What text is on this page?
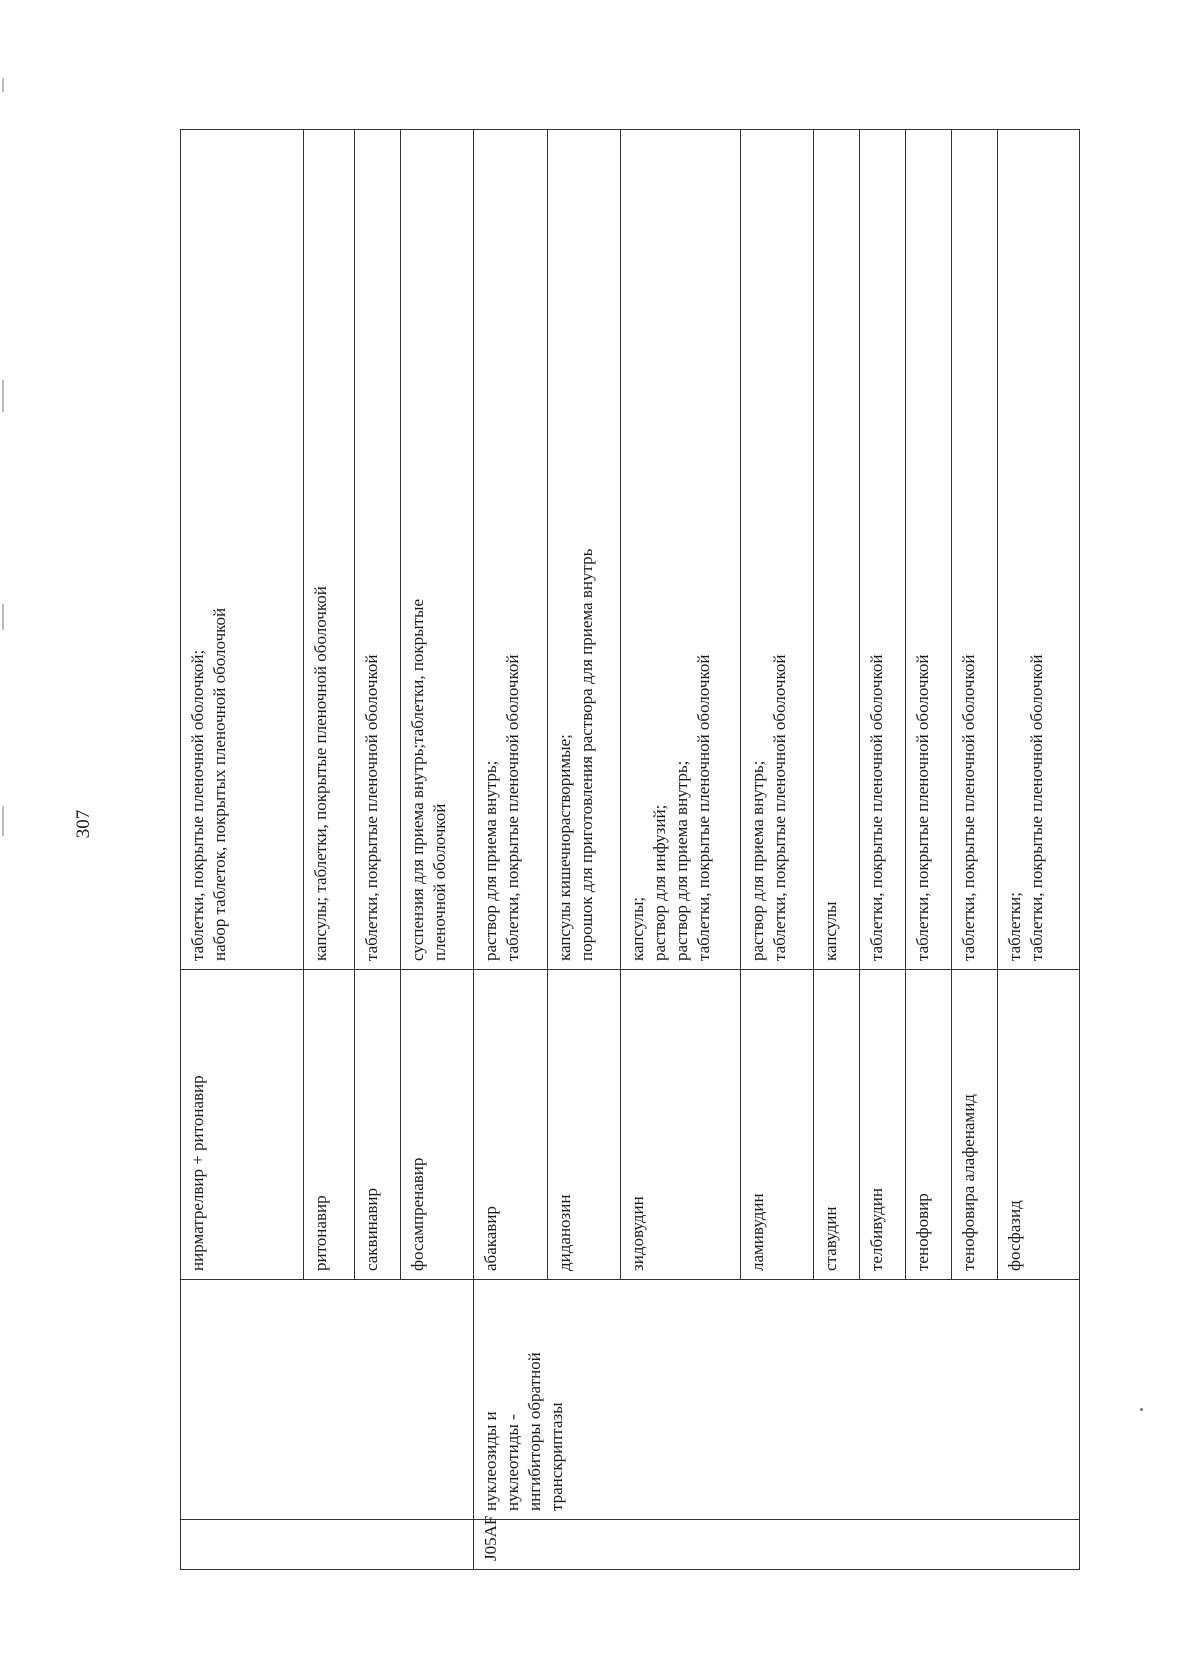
307
		нирматрелвир + ритонавир	таблетки, покрытые пленочной оболочкой; набор таблеток, покрытых пленочной оболочкой

		ритонавир	капсулы; таблетки, покрытые пленочной оболочкой

		саквинавир	таблетки, покрытые пленочной оболочкой

		фосампренавир	суспензия для приема внутрь;таблетки, покрытые пленочной оболочкой

J05AF	нуклеозиды и нуклеотиды - ингибиторы обратной транскриптазы	абакавир	раствор для приема внутрь; таблетки, покрытые пленочной оболочкой

		диданозин	капсулы кишечнорастворимые; порошок для приготовления раствора для приема внутрь

		зидовудин	капсулы; раствор для инфузий; раствор для приема внутрь; таблетки, покрытые пленочной оболочкой

		ламивудин	раствор для приема внутрь; таблетки, покрытые пленочной оболочкой

		ставудин	капсулы

		телбивудин	таблетки, покрытые пленочной оболочкой

		тенофовир	таблетки, покрытые пленочной оболочкой

		тенофовира алафенамид	таблетки, покрытые пленочной оболочкой

		фосфазид	таблетки; таблетки, покрытые пленочной оболочкой
